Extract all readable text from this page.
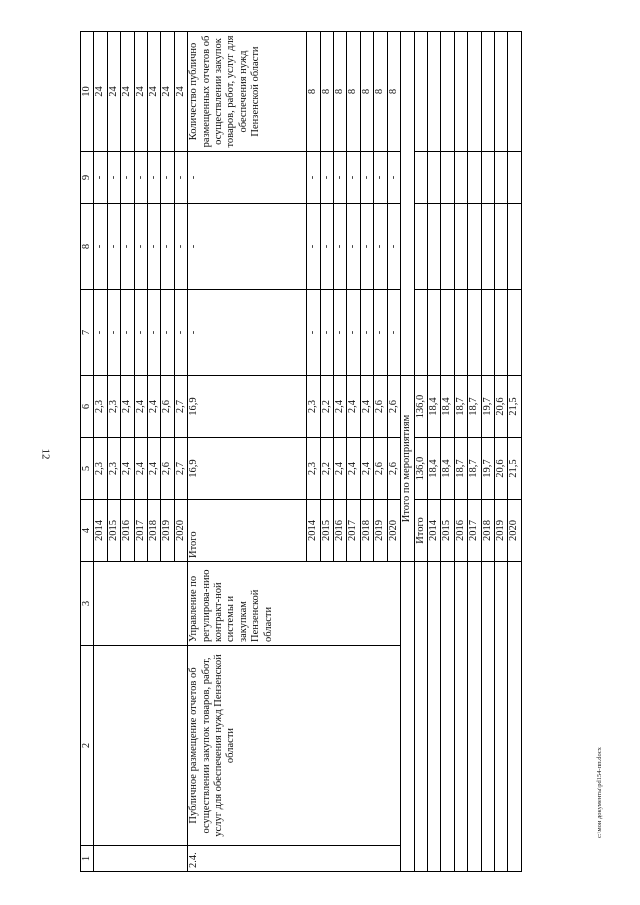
12
c:\мои документы\pd154-пп.docx
1	2	3	4	5	6	7	8	9	10
			2014	2,3	2,3	-	-	-	24
			2015	2,3	2,3	-	-	-	24
			2016	2,4	2,4	-	-	-	24
			2017	2,4	2,4	-	-	-	24
			2018	2,4	2,4	-	-	-	24
			2019	2,6	2,6	-	-	-	24
			2020	2,7	2,7	-	-	-	24
2.4.	Публичное размещение отчетов об осуществлении закупок товаров, работ, услуг для обеспечения нужд Пензенской области	Управление по регулирова-нию контракт-ной системы и закупкам Пензенской области	Итого	16,9	16,9	-	-	-	Количество публично размещенных отчетов об осуществлении закупок товаров, работ, услуг для обеспечения нужд Пензенской области
			2014	2,3	2,3	-	-	-	8
			2015	2,2	2,2	-	-	-	8
			2016	2,4	2,4	-	-	-	8
			2017	2,4	2,4	-	-	-	8
			2018	2,4	2,4	-	-	-	8
			2019	2,6	2,6	-	-	-	8
			2020	2,6	2,6	-	-	-	8
			Итого по мероприятиям						
			Итого	136,0	136,0				
			2014	18,4	18,4				
			2015	18,4	18,4				
			2016	18,7	18,7				
			2017	18,7	18,7				
			2018	19,7	19,7				
			2019	20,6	20,6				
			2020	21,5	21,5				
